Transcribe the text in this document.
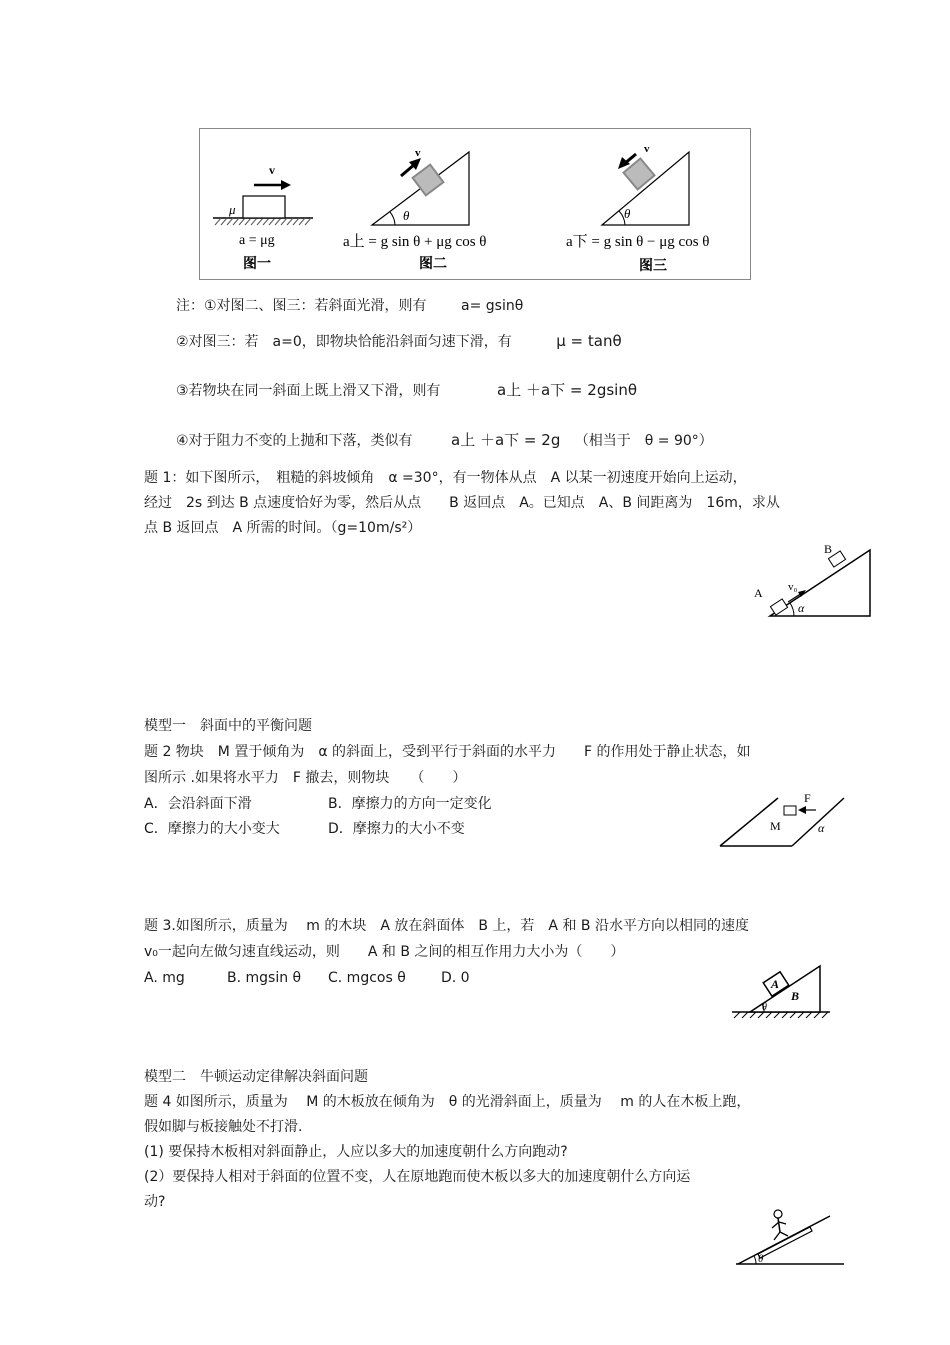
v
μ
a = μg
图一
v
θ
a上 = g sin θ + μg cos θ
图二
v
θ
a下 = g sin θ − μg cos θ
图三
注：①对图二、图三：若斜面光滑，则有 a= gsinθ
②对图三：若　a=0，即物块恰能沿斜面匀速下滑，有	μ = tanθ
③若物块在同一斜面上既上滑又下滑，则有	a上 ＋a下 = 2gsinθ
④对于阻力不变的上抛和下落，类似有	a上 ＋a下 = 2g （相当于　θ = 90°）
题 1：如下图所示，　粗糙的斜坡倾角　α =30°，有一物体从点　A 以某一初速度开始向上运动，
经过　2s 到达 B 点速度恰好为零，然后从点　　B 返回点　A。已知点　A、B 间距离为　16m，求从
点 B 返回点　A 所需的时间。（g=10m/s²）
B
A v₀
α
模型一　斜面中的平衡问题
题 2 物块　M 置于倾角为　α 的斜面上，受到平行于斜面的水平力　　F 的作用处于静止状态，如
图所示 .如果将水平力　F 撤去，则物块　　（　　）
A．会沿斜面下滑	B．摩擦力的方向一定变化
C．摩擦力的大小变大	D．摩擦力的大小不变
F
M	α
题 3.如图所示，质量为　 m 的木块　A 放在斜面体　B 上，若　A 和 B 沿水平方向以相同的速度
v₀一起向左做匀速直线运动，则　　A 和 B 之间的相互作用力大小为（　　）
A. mg	B. mgsin θ C. mgcos θ	D. 0	A
B
θ
模型二　牛顿运动定律解决斜面问题
题 4 如图所示，质量为　 M 的木板放在倾角为　θ 的光滑斜面上，质量为　 m 的人在木板上跑，
假如脚与板接触处不打滑.
(1) 要保持木板相对斜面静止，人应以多大的加速度朝什么方向跑动?
(2）要保持人相对于斜面的位置不变，人在原地跑而使木板以多大的加速度朝什么方向运
动?
θ
